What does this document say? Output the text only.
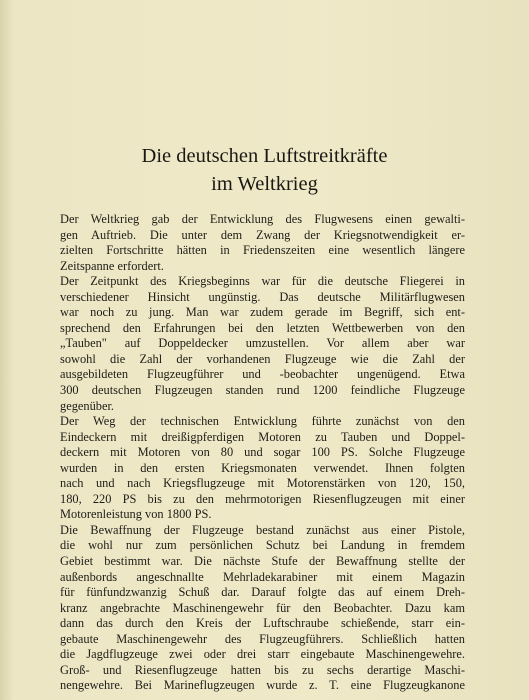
Die deutschen Luftstreitkräfte
im Weltkrieg
Der Weltkrieg gab der Entwicklung des Flugwesens einen gewalti-
gen Auftrieb. Die unter dem Zwang der Kriegsnotwendigkeit er-
zielten Fortschritte hätten in Friedenszeiten eine wesentlich längere
Zeitspanne erfordert.
Der Zeitpunkt des Kriegsbeginns war für die deutsche Fliegerei in
verschiedener Hinsicht ungünstig. Das deutsche Militärflugwesen
war noch zu jung. Man war zudem gerade im Begriff, sich ent-
sprechend den Erfahrungen bei den letzten Wettbewerben von den
„Tauben" auf Doppeldecker umzustellen. Vor allem aber war
sowohl die Zahl der vorhandenen Flugzeuge wie die Zahl der
ausgebildeten Flugzeugführer und -beobachter ungenügend. Etwa
300 deutschen Flugzeugen standen rund 1200 feindliche Flugzeuge
gegenüber.
Der Weg der technischen Entwicklung führte zunächst von den
Eindeckern mit dreißigpferdigen Motoren zu Tauben und Doppel-
deckern mit Motoren von 80 und sogar 100 PS. Solche Flugzeuge
wurden in den ersten Kriegsmonaten verwendet. Ihnen folgten
nach und nach Kriegsflugzeuge mit Motorenstärken von 120, 150,
180, 220 PS bis zu den mehrmotorigen Riesenflugzeugen mit einer
Motorenleistung von 1800 PS.
Die Bewaffnung der Flugzeuge bestand zunächst aus einer Pistole,
die wohl nur zum persönlichen Schutz bei Landung in fremdem
Gebiet bestimmt war. Die nächste Stufe der Bewaffnung stellte der
außenbords angeschnallte Mehrladekarabiner mit einem Magazin
für fünfundzwanzig Schuß dar. Darauf folgte das auf einem Dreh-
kranz angebrachte Maschinengewehr für den Beobachter. Dazu kam
dann das durch den Kreis der Luftschraube schießende, starr ein-
gebaute Maschinengewehr des Flugzeugführers. Schließlich hatten
die Jagdflugzeuge zwei oder drei starr eingebaute Maschinengewehre.
Groß- und Riesenflugzeuge hatten bis zu sechs derartige Maschi-
nengewehre. Bei Marineflugzeugen wurde z. T. eine Flugzeugkanone
